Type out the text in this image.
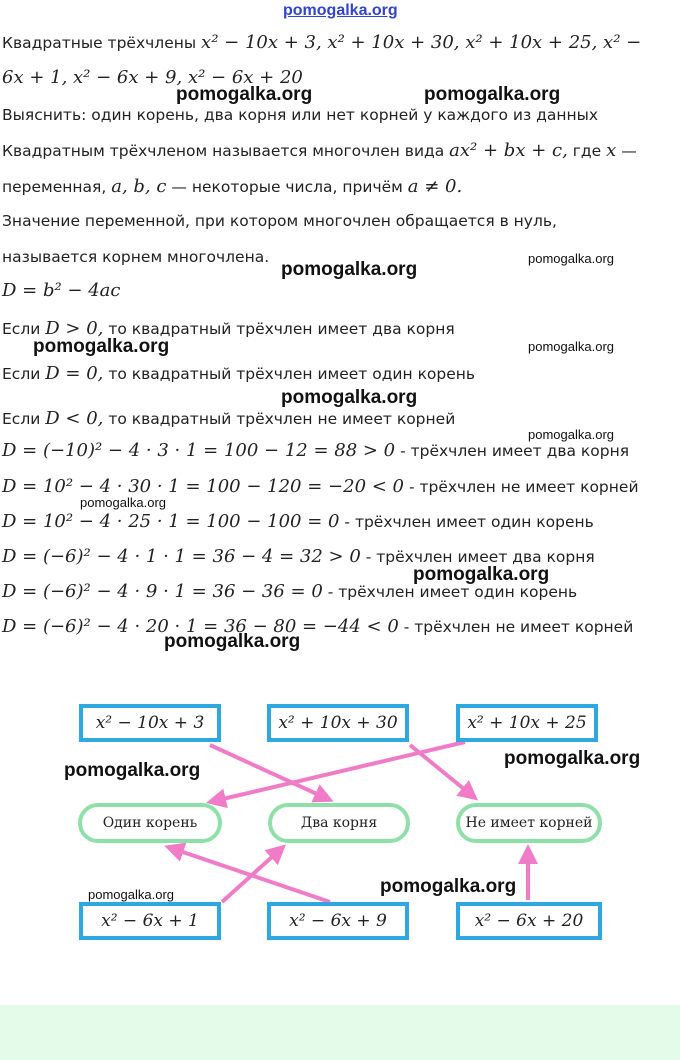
pomogalka.org
Квадратные трёхчлены x² − 10x + 3, x² + 10x + 30, x² + 10x + 25, x² −
6x + 1, x² − 6x + 9, x² − 6x + 20
Выяснить: один корень, два корня или нет корней у каждого из данных
Квадратным трёхчленом называется многочлен вида ax² + bx + c, где x —
переменная, a, b, c — некоторые числа, причём a ≠ 0.
Значение переменной, при котором многочлен обращается в нуль,
называется корнем многочлена.
D = b² − 4ac
Если D > 0, то квадратный трёхчлен имеет два корня
Если D = 0, то квадратный трёхчлен имеет один корень
Если D < 0, то квадратный трёхчлен не имеет корней
D = (−10)² − 4 · 3 · 1 = 100 − 12 = 88 > 0 - трёхчлен имеет два корня
D = 10² − 4 · 30 · 1 = 100 − 120 = −20 < 0 - трёхчлен не имеет корней
D = 10² − 4 · 25 · 1 = 100 − 100 = 0 - трёхчлен имеет один корень
D = (−6)² − 4 · 1 · 1 = 36 − 4 = 32 > 0 - трёхчлен имеет два корня
D = (−6)² − 4 · 9 · 1 = 36 − 36 = 0 - трёхчлен имеет один корень
D = (−6)² − 4 · 20 · 1 = 36 − 80 = −44 < 0 - трёхчлен не имеет корней
x² − 10x + 3	x² + 10x + 30	x² + 10x + 25
Один корень	Два корня	Не имеет корней
x² − 6x + 1	x² − 6x + 9	x² − 6x + 20
pomogalka.org	pomogalka.org
pomogalka.org
pomogalka.org
pomogalka.org	pomogalka.org
pomogalka.org
pomogalka.org
pomogalka.org
pomogalka.org
pomogalka.org
pomogalka.org
pomogalka.org
pomogalka.org	pomogalka.org
